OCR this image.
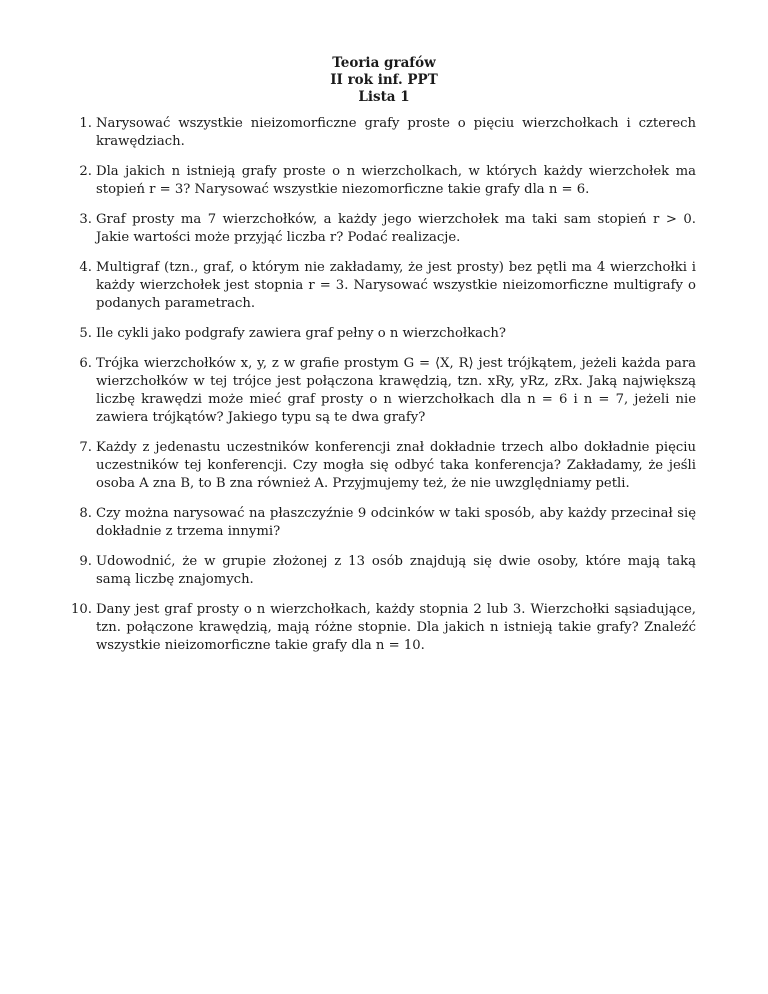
Teoria grafów
II rok inf. PPT
Lista 1
1. Narysować wszystkie nieizomorficzne grafy proste o pięciu wierzchołkach i czterech krawędziach.
2. Dla jakich n istnieją grafy proste o n wierzcholkach, w których każdy wierzchołek ma stopień r = 3? Narysować wszystkie niezomorficzne takie grafy dla n = 6.
3. Graf prosty ma 7 wierzchołków, a każdy jego wierzchołek ma taki sam stopień r > 0. Jakie wartości może przyjąć liczba r? Podać realizacje.
4. Multigraf (tzn., graf, o którym nie zakładamy, że jest prosty) bez pętli ma 4 wierzchołki i każdy wierzchołek jest stopnia r = 3. Narysować wszystkie nieizomorficzne multigrafy o podanych parametrach.
5. Ile cykli jako podgrafy zawiera graf pełny o n wierzchołkach?
6. Trójka wierzchołków x, y, z w grafie prostym G = ⟨X, R⟩ jest trójkątem, jeżeli każda para wierzchołków w tej trójce jest połączona krawędzią, tzn. xRy, yRz, zRx. Jaką największą liczbę krawędzi może mieć graf prosty o n wierzchołkach dla n = 6 i n = 7, jeżeli nie zawiera trójkątów? Jakiego typu są te dwa grafy?
7. Każdy z jedenastu uczestników konferencji znał dokładnie trzech albo dokładnie pięciu uczestników tej konferencji. Czy mogła się odbyć taka konferencja? Zakładamy, że jeśli osoba A zna B, to B zna również A. Przyjmujemy też, że nie uwzględniamy petli.
8. Czy można narysować na płaszczyźnie 9 odcinków w taki sposób, aby każdy przecinał się dokładnie z trzema innymi?
9. Udowodnić, że w grupie złożonej z 13 osób znajdują się dwie osoby, które mają taką samą liczbę znajomych.
10. Dany jest graf prosty o n wierzchołkach, każdy stopnia 2 lub 3. Wierzchołki sąsiadujące, tzn. połączone krawędzią, mają różne stopnie. Dla jakich n istnieją takie grafy? Znaleźć wszystkie nieizomorficzne takie grafy dla n = 10.
